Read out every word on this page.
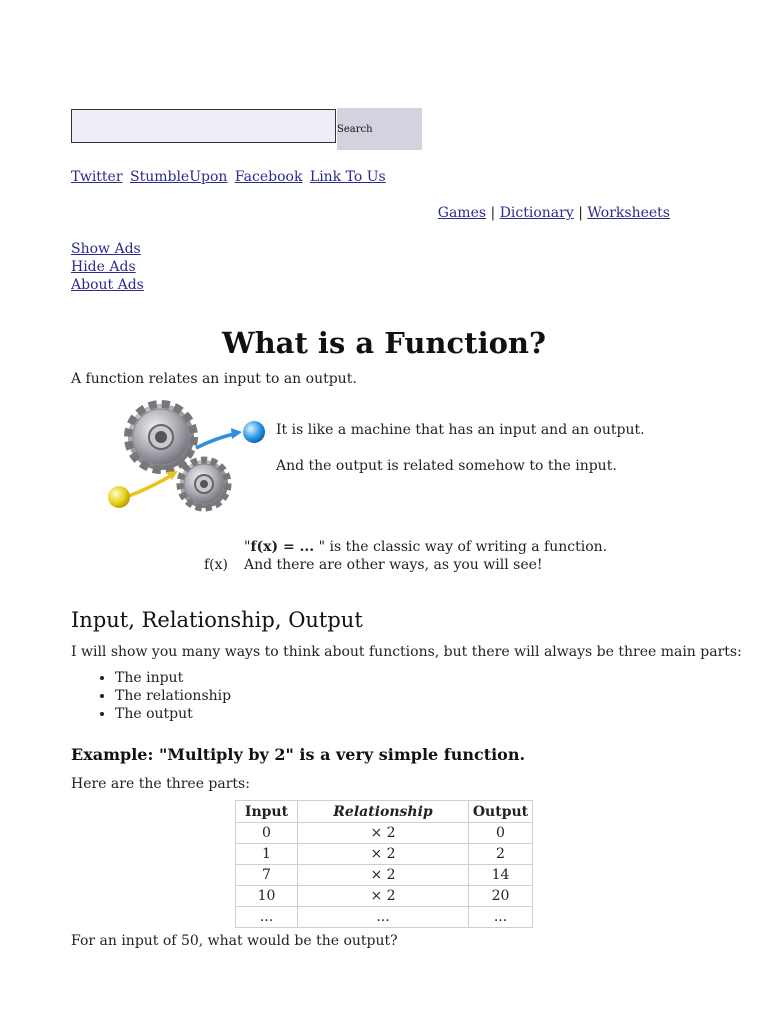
Search
Twitter StumbleUpon Facebook Link To Us
Games | Dictionary | Worksheets
Show Ads
Hide Ads
About Ads
What is a Function?

A function relates an input to an output.

It is like a machine that has an input and an output.

And the output is related somehow to the input.

"f(x) = ... " is the classic way of writing a function.

f(x) And there are other ways, as you will see!

Input, Relationship, Output

I will show you many ways to think about functions, but there will always be three main parts:

• The input
• The relationship
• The output
Example: "Multiply by 2" is a very simple function.

Here are the three parts:

Input	Relationship	Output
0	× 2	0
1	× 2	2
7	× 2	14
10	× 2	20
...	...	...

For an input of 50, what would be the output?
